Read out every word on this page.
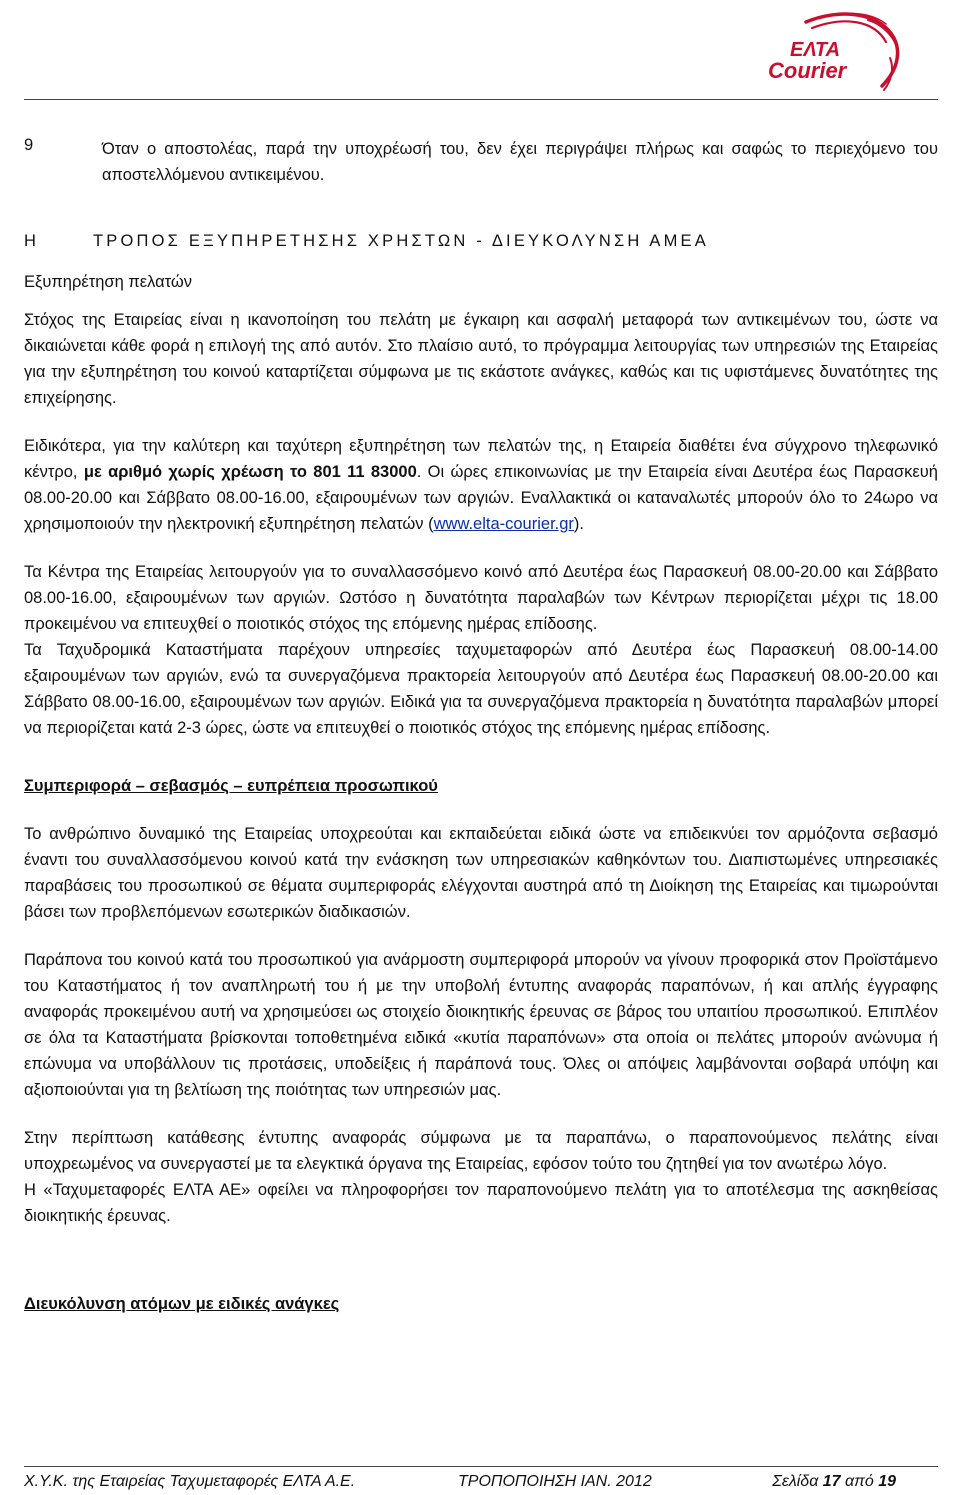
ΕΛΤΑ
Courier
9	Όταν ο αποστολέας, παρά την υποχρέωσή του, δεν έχει περιγράψει πλήρως και σαφώς το περιεχόμενο του αποστελλόμενου αντικειμένου.

Η	ΤΡΟΠΟΣ ΕΞΥΠΗΡΕΤΗΣΗΣ ΧΡΗΣΤΩΝ - ΔΙΕΥΚΟΛΥΝΣΗ ΑΜΕΑ

Εξυπηρέτηση πελατών

Στόχος της Εταιρείας είναι η ικανοποίηση του πελάτη με έγκαιρη και ασφαλή μεταφορά των αντικειμένων του, ώστε να δικαιώνεται κάθε φορά η επιλογή της από αυτόν. Στο πλαίσιο αυτό, το πρόγραμμα λειτουργίας των υπηρεσιών της Εταιρείας για την εξυπηρέτηση του κοινού καταρτίζεται σύμφωνα με τις εκάστοτε ανάγκες, καθώς και τις υφιστάμενες δυνατότητες της επιχείρησης.

Ειδικότερα, για την καλύτερη και ταχύτερη εξυπηρέτηση των πελατών της, η Εταιρεία διαθέτει ένα σύγχρονο τηλεφωνικό κέντρο, με αριθμό χωρίς χρέωση το 801 11 83000. Οι ώρες επικοινωνίας με την Εταιρεία είναι Δευτέρα έως Παρασκευή 08.00-20.00 και Σάββατο 08.00-16.00, εξαιρουμένων των αργιών. Εναλλακτικά οι καταναλωτές μπορούν όλο το 24ωρο να χρησιμοποιούν την ηλεκτρονική εξυπηρέτηση πελατών (www.elta-courier.gr).

Τα Κέντρα της Εταιρείας λειτουργούν για το συναλλασσόμενο κοινό από Δευτέρα έως Παρασκευή 08.00-20.00 και Σάββατο 08.00-16.00, εξαιρουμένων των αργιών. Ωστόσο η δυνατότητα παραλαβών των Κέντρων περιορίζεται μέχρι τις 18.00 προκειμένου να επιτευχθεί ο ποιοτικός στόχος της επόμενης ημέρας επίδοσης.

Τα Ταχυδρομικά Καταστήματα παρέχουν υπηρεσίες ταχυμεταφορών από Δευτέρα έως Παρασκευή 08.00-14.00 εξαιρουμένων των αργιών, ενώ τα συνεργαζόμενα πρακτορεία λειτουργούν από Δευτέρα έως Παρασκευή 08.00-20.00 και Σάββατο 08.00-16.00, εξαιρουμένων των αργιών. Ειδικά για τα συνεργαζόμενα πρακτορεία η δυνατότητα παραλαβών μπορεί να περιορίζεται κατά 2-3 ώρες, ώστε να επιτευχθεί ο ποιοτικός στόχος της επόμενης ημέρας επίδοσης.

Συμπεριφορά – σεβασμός – ευπρέπεια προσωπικού

Το ανθρώπινο δυναμικό της Εταιρείας υποχρεούται και εκπαιδεύεται ειδικά ώστε να επιδεικνύει τον αρμόζοντα σεβασμό έναντι του συναλλασσόμενου κοινού κατά την ενάσκηση των υπηρεσιακών καθηκόντων του. Διαπιστωμένες υπηρεσιακές παραβάσεις του προσωπικού σε θέματα συμπεριφοράς ελέγχονται αυστηρά από τη Διοίκηση της Εταιρείας και τιμωρούνται βάσει των προβλεπόμενων εσωτερικών διαδικασιών.

Παράπονα του κοινού κατά του προσωπικού για ανάρμοστη συμπεριφορά μπορούν να γίνουν προφορικά στον Προϊστάμενο του Καταστήματος ή τον αναπληρωτή του ή με την υποβολή έντυπης αναφοράς παραπόνων, ή και απλής έγγραφης αναφοράς προκειμένου αυτή να χρησιμεύσει ως στοιχείο διοικητικής έρευνας σε βάρος του υπαιτίου προσωπικού. Επιπλέον σε όλα τα Καταστήματα βρίσκονται τοποθετημένα ειδικά «κυτία παραπόνων» στα οποία οι πελάτες μπορούν ανώνυμα ή επώνυμα να υποβάλλουν τις προτάσεις, υποδείξεις ή παράπονά τους. Όλες οι απόψεις λαμβάνονται σοβαρά υπόψη και αξιοποιούνται για τη βελτίωση της ποιότητας των υπηρεσιών μας.

Στην περίπτωση κατάθεσης έντυπης αναφοράς σύμφωνα με τα παραπάνω, ο παραπονούμενος πελάτης είναι υποχρεωμένος να συνεργαστεί με τα ελεγκτικά όργανα της Εταιρείας, εφόσον τούτο του ζητηθεί για τον ανωτέρω λόγο.

Η «Ταχυμεταφορές ΕΛΤΑ ΑΕ» οφείλει να πληροφορήσει τον παραπονούμενο πελάτη για το αποτέλεσμα της ασκηθείσας διοικητικής έρευνας.

Διευκόλυνση ατόμων με ειδικές ανάγκες

Χ.Υ.Κ. της Εταιρείας Ταχυμεταφορές ΕΛΤΑ Α.Ε.	ΤΡΟΠΟΠΟΙΗΣΗ ΙΑΝ. 2012	Σελίδα 17 από 19
